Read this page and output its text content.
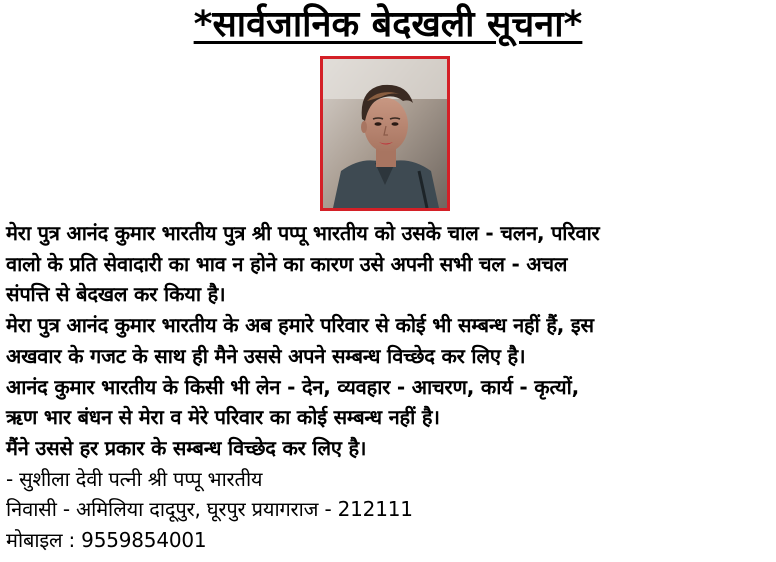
*सार्वजानिक बेदखली सूचना*
मेरा पुत्र आनंद कुमार भारतीय पुत्र श्री पप्पू भारतीय को उसके चाल - चलन, परिवार
वालो के प्रति सेवादारी का भाव न होने का कारण उसे अपनी सभी चल - अचल
संपत्ति से बेदखल कर किया है।
मेरा पुत्र आनंद कुमार भारतीय के अब हमारे परिवार से कोई भी सम्बन्ध नहीं हैं, इस
अखवार के गजट के साथ ही मैने उससे अपने सम्बन्ध विच्छेद कर लिए है।
आनंद कुमार भारतीय के किसी भी लेन - देन, व्यवहार - आचरण, कार्य - कृत्यों,
ऋण भार बंधन से मेरा व मेरे परिवार का कोई सम्बन्ध नहीं है।
मैंने उससे हर प्रकार के सम्बन्ध विच्छेद कर लिए है।
- सुशीला देवी पत्नी श्री पप्पू भारतीय
निवासी - अमिलिया दादूपुर, घूरपुर प्रयागराज - 212111
मोबाइल : 9559854001
